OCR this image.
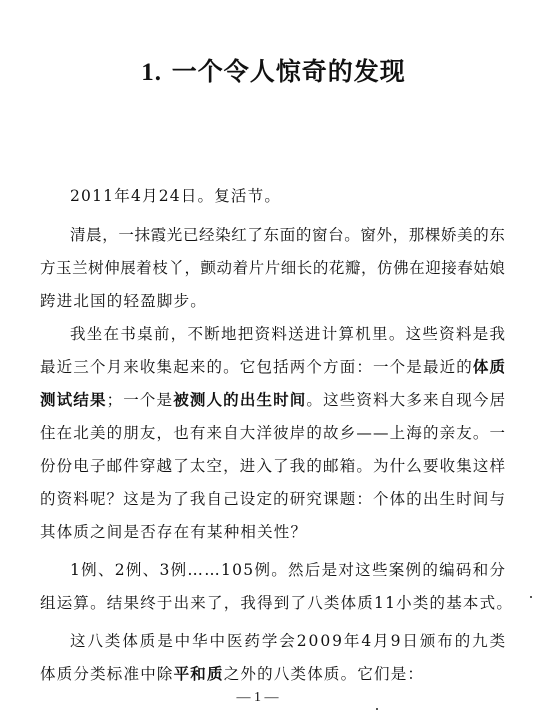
1. 一个令人惊奇的发现
2011年4月24日。复活节。
清晨，一抹霞光已经染红了东面的窗台。窗外，那棵娇美的东
方玉兰树伸展着枝丫，颤动着片片细长的花瓣，仿佛在迎接春姑娘
跨进北国的轻盈脚步。
我坐在书桌前，不断地把资料送进计算机里。这些资料是我
最近三个月来收集起来的。它包括两个方面：一个是最近的体质
测试结果；一个是被测人的出生时间。这些资料大多来自现今居
住在北美的朋友，也有来自大洋彼岸的故乡——上海的亲友。一
份份电子邮件穿越了太空，进入了我的邮箱。为什么要收集这样
的资料呢？这是为了我自己设定的研究课题：个体的出生时间与
其体质之间是否存在有某种相关性？
1例、2例、3例……105例。然后是对这些案例的编码和分
组运算。结果终于出来了，我得到了八类体质11小类的基本式。
这八类体质是中华中医药学会2009年4月9日颁布的九类
体质分类标准中除平和质之外的八类体质。它们是：
— 1 —
